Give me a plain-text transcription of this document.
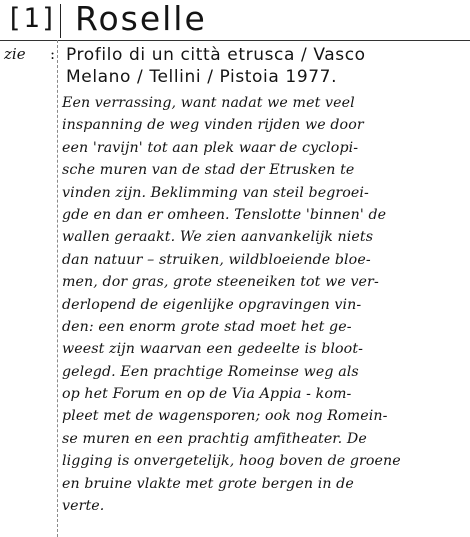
[1] Roselle
zie : Profilo di un città etrusca / Vasco
Melano / Tellini / Pistoia 1977.
Een verrassing, want nadat we met veel
inspanning de weg vinden rijden we door
een 'ravijn' tot aan plek waar de cyclopi-
sche muren van de stad der Etrusken te
vinden zijn. Beklimming van steil begroei-
gde en dan er omheen. Tenslotte 'binnen' de
wallen geraakt. We zien aanvankelijk niets
dan natuur – struiken, wildbloeiende bloe-
men, dor gras, grote steeneiken tot we ver-
derlopend de eigenlijke opgravingen vin-
den: een enorm grote stad moet het ge-
weest zijn waarvan een gedeelte is bloot-
gelegd. Een prachtige Romeinse weg als
op het Forum en op de Via Appia - kom-
pleet met de wagensporen; ook nog Romein-
se muren en een prachtig amfitheater. De
ligging is onvergetelijk, hoog boven de groene
en bruine vlakte met grote bergen in de
verte.
